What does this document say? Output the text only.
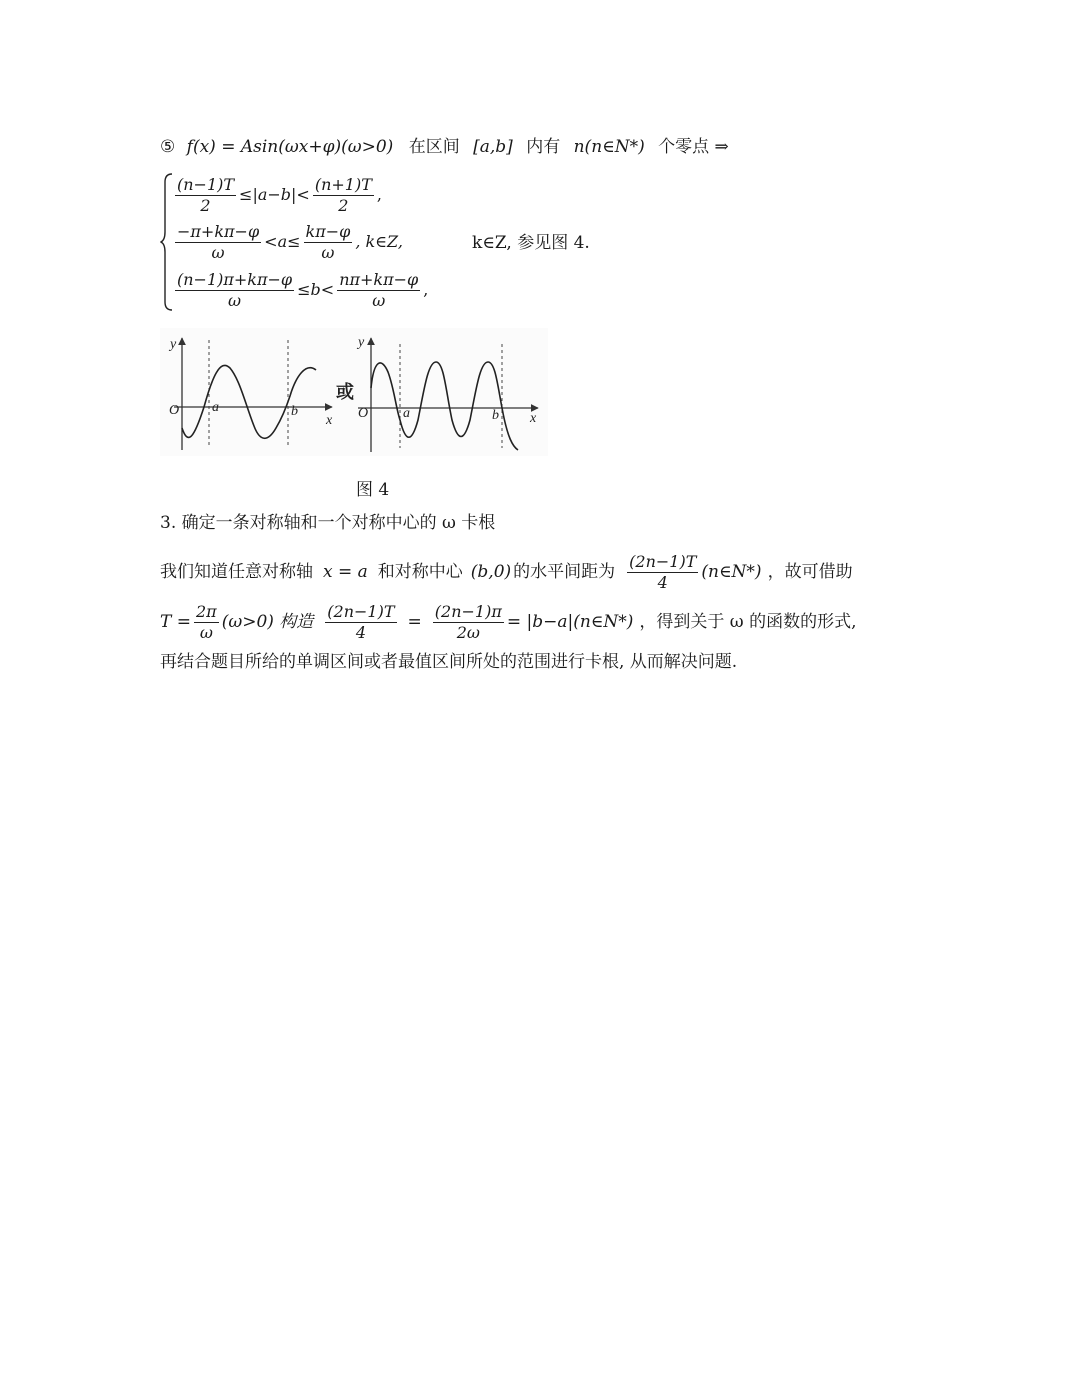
⑤ f(x) = Asin(ωx+φ)(ω>0) 在区间 [a,b] 内有 n(n∈N*) 个零点 ⇒
$\frac{(n-1)T}{2} \le|a-b|< \frac{(n+1)T}{2}$ ,
$\frac{-\pi+k\pi-\varphi}{\omega} <a\le \frac{k\pi-\varphi}{\omega}$ , k∈Z,	k∈Z, 参见图 4.
$\frac{(n-1)\pi+k\pi-\varphi}{\omega} \le b< \frac{n\pi+k\pi-\varphi}{\omega}$ ,
y
x
O a	b
或
y
x
O a	b
图 4
3. 确定一条对称轴和一个对称中心的 ω 卡根
我们知道任意对称轴 x = a 和对称中心 (b,0) 的水平间距为 $\frac{(2n-1)T}{4}$ (n∈N*) ，故可借助
$T = \frac{2\pi}{\omega} (\omega>0)$ 构造 $\frac{(2n-1)T}{4} = \frac{(2n-1)\pi}{2\omega}$ = |b−a|(n∈N*) ，得到关于 ω 的函数的形式,
再结合题目所给的单调区间或者最值区间所处的范围进行卡根, 从而解决问题.
